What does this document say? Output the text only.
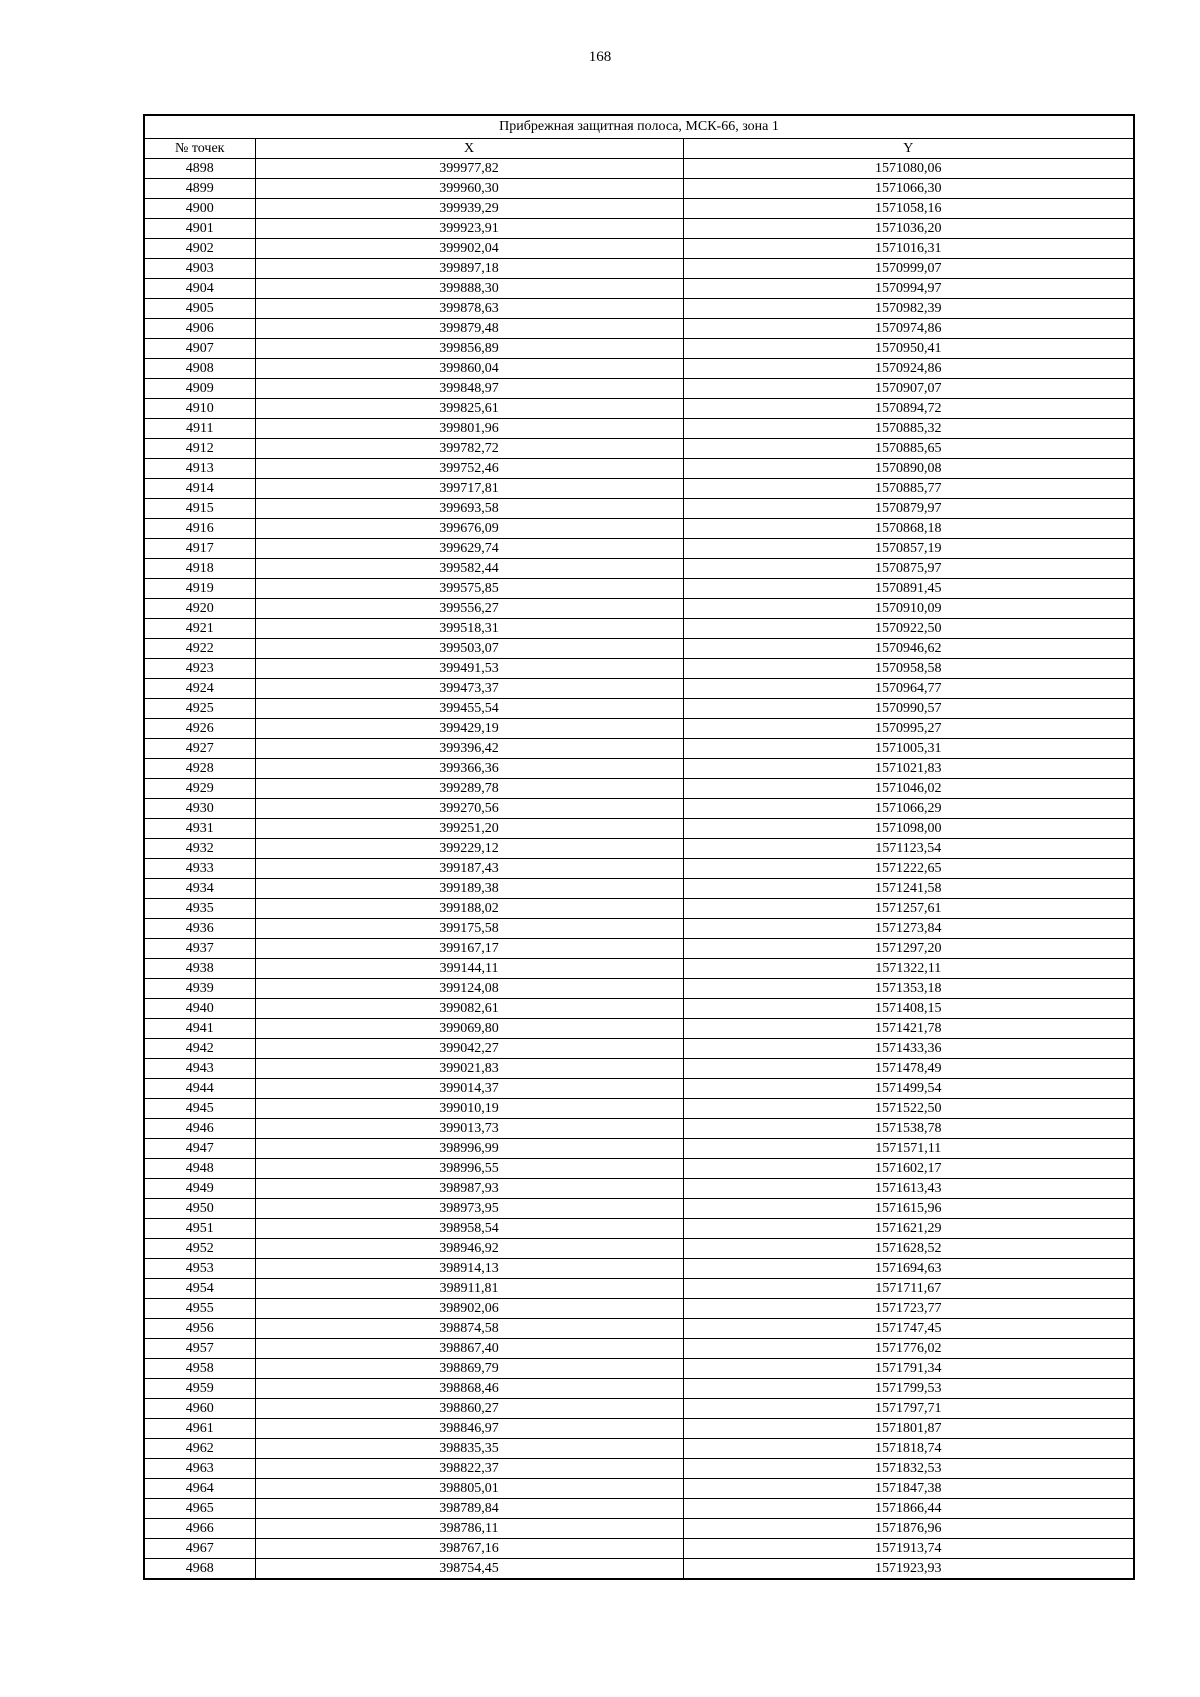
168
Прибрежная защитная полоса, МСК-66, зона 1		
№ точек	X	Y
4898	399977,82	1571080,06
4899	399960,30	1571066,30
4900	399939,29	1571058,16
4901	399923,91	1571036,20
4902	399902,04	1571016,31
4903	399897,18	1570999,07
4904	399888,30	1570994,97
4905	399878,63	1570982,39
4906	399879,48	1570974,86
4907	399856,89	1570950,41
4908	399860,04	1570924,86
4909	399848,97	1570907,07
4910	399825,61	1570894,72
4911	399801,96	1570885,32
4912	399782,72	1570885,65
4913	399752,46	1570890,08
4914	399717,81	1570885,77
4915	399693,58	1570879,97
4916	399676,09	1570868,18
4917	399629,74	1570857,19
4918	399582,44	1570875,97
4919	399575,85	1570891,45
4920	399556,27	1570910,09
4921	399518,31	1570922,50
4922	399503,07	1570946,62
4923	399491,53	1570958,58
4924	399473,37	1570964,77
4925	399455,54	1570990,57
4926	399429,19	1570995,27
4927	399396,42	1571005,31
4928	399366,36	1571021,83
4929	399289,78	1571046,02
4930	399270,56	1571066,29
4931	399251,20	1571098,00
4932	399229,12	1571123,54
4933	399187,43	1571222,65
4934	399189,38	1571241,58
4935	399188,02	1571257,61
4936	399175,58	1571273,84
4937	399167,17	1571297,20
4938	399144,11	1571322,11
4939	399124,08	1571353,18
4940	399082,61	1571408,15
4941	399069,80	1571421,78
4942	399042,27	1571433,36
4943	399021,83	1571478,49
4944	399014,37	1571499,54
4945	399010,19	1571522,50
4946	399013,73	1571538,78
4947	398996,99	1571571,11
4948	398996,55	1571602,17
4949	398987,93	1571613,43
4950	398973,95	1571615,96
4951	398958,54	1571621,29
4952	398946,92	1571628,52
4953	398914,13	1571694,63
4954	398911,81	1571711,67
4955	398902,06	1571723,77
4956	398874,58	1571747,45
4957	398867,40	1571776,02
4958	398869,79	1571791,34
4959	398868,46	1571799,53
4960	398860,27	1571797,71
4961	398846,97	1571801,87
4962	398835,35	1571818,74
4963	398822,37	1571832,53
4964	398805,01	1571847,38
4965	398789,84	1571866,44
4966	398786,11	1571876,96
4967	398767,16	1571913,74
4968	398754,45	1571923,93
